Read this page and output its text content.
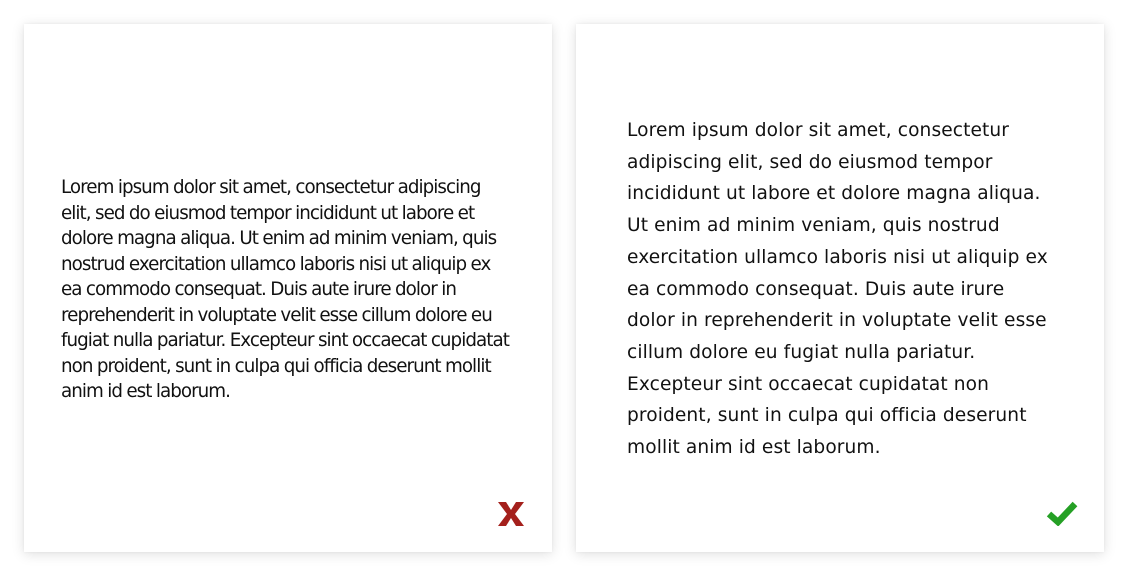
Lorem ipsum dolor sit amet, consectetur adipiscing elit, sed do eiusmod tempor incididunt ut labore et dolore magna aliqua. Ut enim ad minim veniam, quis nostrud exercitation ullamco laboris nisi ut aliquip ex ea commodo consequat. Duis aute irure dolor in reprehenderit in voluptate velit esse cillum dolore eu fugiat nulla pariatur. Excepteur sint occaecat cupidatat non proident, sunt in culpa qui officia deserunt mollit anim id est laborum.

Lorem ipsum dolor sit amet, consectetur adipiscing elit, sed do eiusmod tempor incididunt ut labore et dolore magna aliqua. Ut enim ad minim veniam, quis nostrud exercitation ullamco laboris nisi ut aliquip ex ea commodo consequat. Duis aute irure dolor in reprehenderit in voluptate velit esse cillum dolore eu fugiat nulla pariatur. Excepteur sint occaecat cupidatat non proident, sunt in culpa qui officia deserunt mollit anim id est laborum.
